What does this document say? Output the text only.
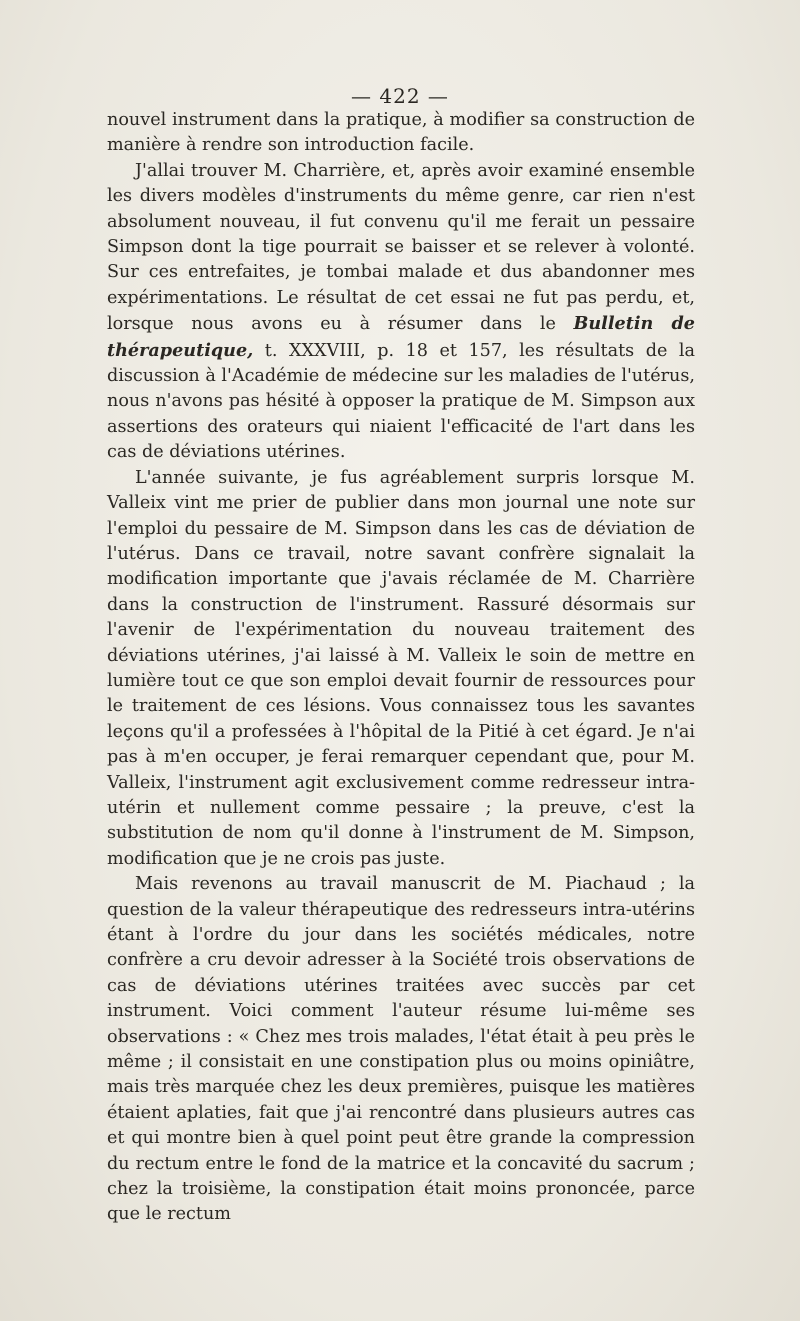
— 422 —

nouvel instrument dans la pratique, à modifier sa construction de manière à rendre son introduction facile.

J'allai trouver M. Charrière, et, après avoir examiné ensemble les divers modèles d'instruments du même genre, car rien n'est absolument nouveau, il fut convenu qu'il me ferait un pessaire Simpson dont la tige pourrait se baisser et se relever à volonté. Sur ces entrefaites, je tombai malade et dus abandonner mes expérimentations. Le résultat de cet essai ne fut pas perdu, et, lorsque nous avons eu à résumer dans le Bulletin de thérapeutique, t. XXXVIII, p. 18 et 157, les résultats de la discussion à l'Académie de médecine sur les maladies de l'utérus, nous n'avons pas hésité à opposer la pratique de M. Simpson aux assertions des orateurs qui niaient l'efficacité de l'art dans les cas de déviations utérines.

L'année suivante, je fus agréablement surpris lorsque M. Valleix vint me prier de publier dans mon journal une note sur l'emploi du pessaire de M. Simpson dans les cas de déviation de l'utérus. Dans ce travail, notre savant confrère signalait la modification importante que j'avais réclamée de M. Charrière dans la construction de l'instrument. Rassuré désormais sur l'avenir de l'expérimentation du nouveau traitement des déviations utérines, j'ai laissé à M. Valleix le soin de mettre en lumière tout ce que son emploi devait fournir de ressources pour le traitement de ces lésions. Vous connaissez tous les savantes leçons qu'il a professées à l'hôpital de la Pitié à cet égard. Je n'ai pas à m'en occuper, je ferai remarquer cependant que, pour M. Valleix, l'instrument agit exclusivement comme redresseur intra-utérin et nullement comme pessaire ; la preuve, c'est la substitution de nom qu'il donne à l'instrument de M. Simpson, modification que je ne crois pas juste.

Mais revenons au travail manuscrit de M. Piachaud ; la question de la valeur thérapeutique des redresseurs intra-utérins étant à l'ordre du jour dans les sociétés médicales, notre confrère a cru devoir adresser à la Société trois observations de cas de déviations utérines traitées avec succès par cet instrument. Voici comment l'auteur résume lui-même ses observations : « Chez mes trois malades, l'état était à peu près le même ; il consistait en une constipation plus ou moins opiniâtre, mais très marquée chez les deux premières, puisque les matières étaient aplaties, fait que j'ai rencontré dans plusieurs autres cas et qui montre bien à quel point peut être grande la compression du rectum entre le fond de la matrice et la concavité du sacrum ; chez la troisième, la constipation était moins prononcée, parce que le rectum
